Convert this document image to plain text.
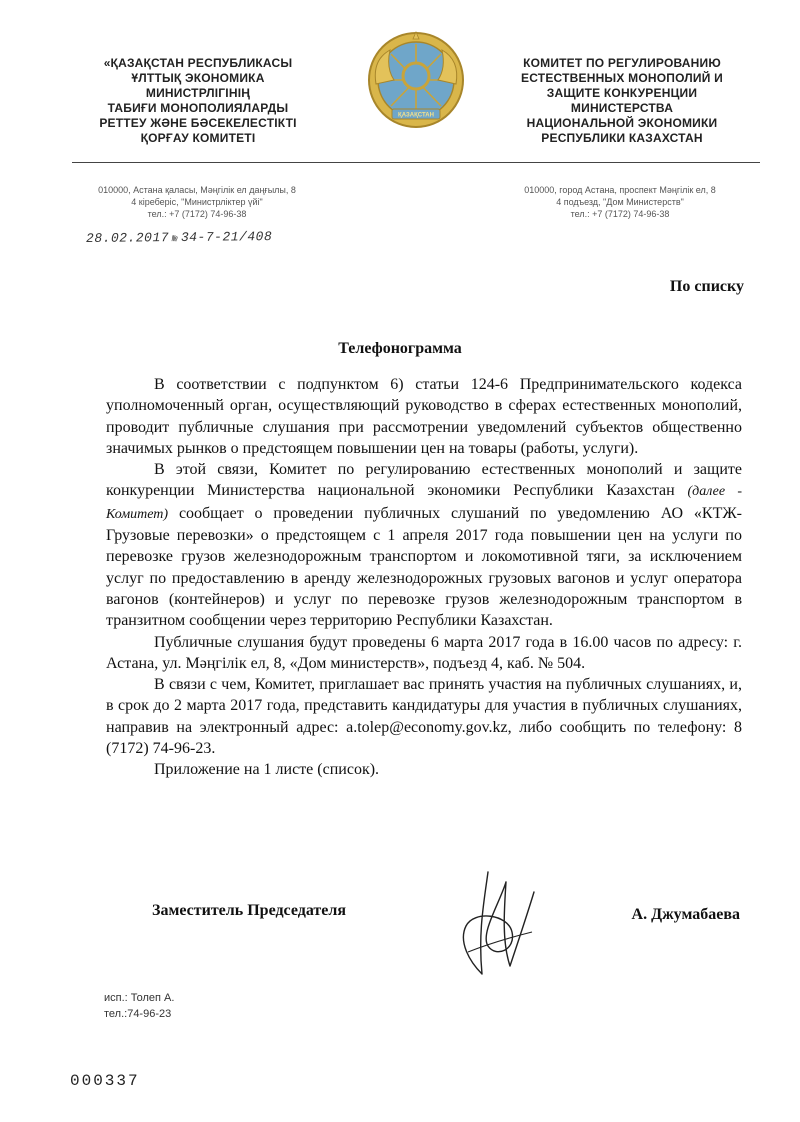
«ҚАЗАҚСТАН РЕСПУБЛИКАСЫ
ҰЛТТЫҚ ЭКОНОМИКА
МИНИСТРЛІГІНІҢ
ТАБИҒИ МОНОПОЛИЯЛАРДЫ
РЕТТЕУ ЖӘНЕ БӘСЕКЕЛЕСТІКТІ
ҚОРҒАУ КОМИТЕТІ
ҚАЗАҚСТАН
КОМИТЕТ ПО РЕГУЛИРОВАНИЮ
ЕСТЕСТВЕННЫХ МОНОПОЛИЙ И
ЗАЩИТЕ КОНКУРЕНЦИИ
МИНИСТЕРСТВА
НАЦИОНАЛЬНОЙ ЭКОНОМИКИ
РЕСПУБЛИКИ КАЗАХСТАН
010000, Астана қаласы, Мәңгілік ел даңғылы, 8
4 кіреберіс, "Министрліктер үйі"
тел.: +7 (7172) 74-96-38
010000, город Астана, проспект Мәңгілік ел, 8
4 подъезд, "Дом Министерств"
тел.: +7 (7172) 74-96-38
28.02.2017 № 34-7-21/408
По списку
Телефонограмма

В соответствии с подпунктом 6) статьи 124-6 Предпринимательского кодекса уполномоченный орган, осуществляющий руководство в сферах естественных монополий, проводит публичные слушания при рассмотрении уведомлений субъектов общественно значимых рынков о предстоящем повышении цен на товары (работы, услуги).

В этой связи, Комитет по регулированию естественных монополий и защите конкуренции Министерства национальной экономики Республики Казахстан (далее - Комитет) сообщает о проведении публичных слушаний по уведомлению АО «КТЖ-Грузовые перевозки» о предстоящем с 1 апреля 2017 года повышении цен на услуги по перевозке грузов железнодорожным транспортом и локомотивной тяги, за исключением услуг по предоставлению в аренду железнодорожных грузовых вагонов и услуг оператора вагонов (контейнеров) и услуг по перевозке грузов железнодорожным транспортом в транзитном сообщении через территорию Республики Казахстан.

Публичные слушания будут проведены 6 марта 2017 года в 16.00 часов по адресу: г. Астана, ул. Мәңгілік ел, 8, «Дом министерств», подъезд 4, каб. № 504.

В связи с чем, Комитет, приглашает вас принять участия на публичных слушаниях, и, в срок до 2 марта 2017 года, представить кандидатуры для участия в публичных слушаниях, направив на электронный адрес: a.tolep@economy.gov.kz, либо сообщить по телефону: 8 (7172) 74-96-23.

Приложение на 1 листе (список).

Заместитель Председателя	А. Джумабаева
исп.: Толеп А.
тел.:74-96-23
000337
